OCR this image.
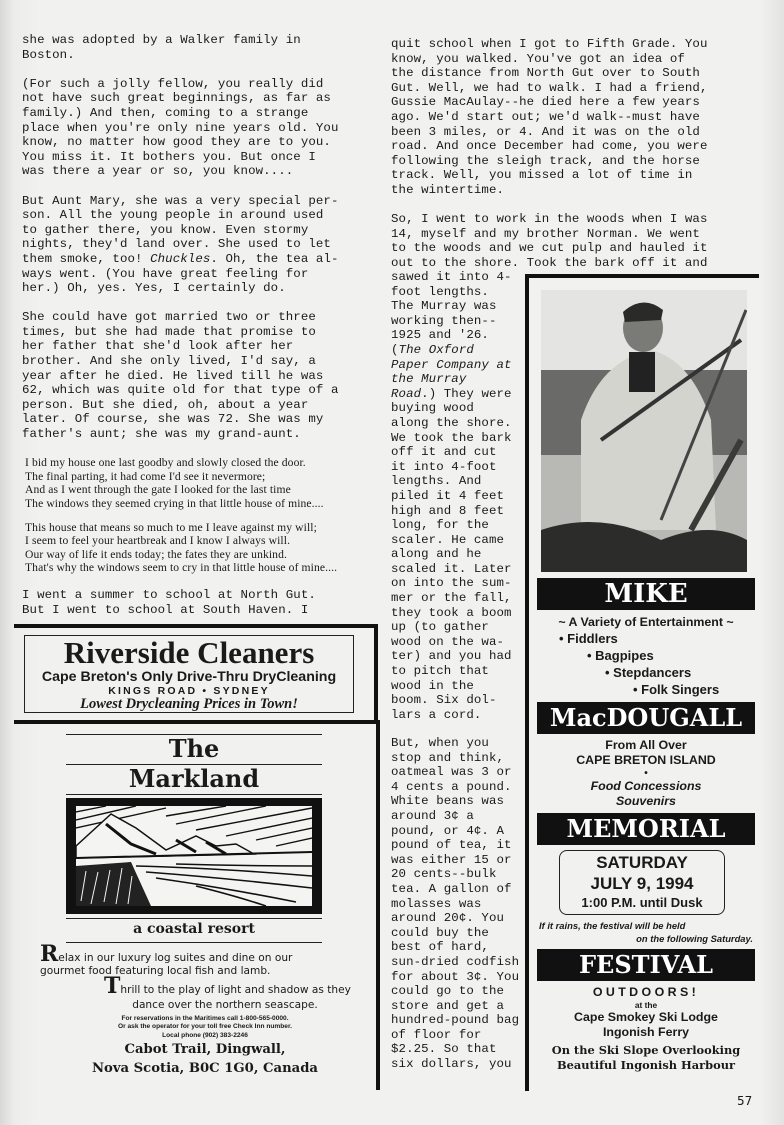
she was adopted by a Walker family in
Boston.

(For such a jolly fellow, you really did
not have such great beginnings, as far as
family.) And then, coming to a strange
place when you're only nine years old. You
know, no matter how good they are to you.
You miss it. It bothers you. But once I
was there a year or so, you know....

But Aunt Mary, she was a very special per-
son. All the young people in around used
to gather there, you know. Even stormy
nights, they'd land over. She used to let
them smoke, too! Chuckles. Oh, the tea al-
ways went. (You have great feeling for
her.) Oh, yes. Yes, I certainly do.

She could have got married two or three
times, but she had made that promise to
her father that she'd look after her
brother. And she only lived, I'd say, a
year after he died. He lived till he was
62, which was quite old for that type of a
person. But she died, oh, about a year
later. Of course, she was 72. She was my
father's aunt; she was my grand-aunt.

I bid my house one last goodby and slowly closed the door.
The final parting, it had come I'd see it nevermore;
And as I went through the gate I looked for the last time
The windows they seemed crying in that little house of mine....

This house that means so much to me I leave against my will;
I seem to feel your heartbreak and I know I always will.
Our way of life it ends today; the fates they are unkind.
That's why the windows seem to cry in that little house of mine....

I went a summer to school at North Gut.
But I went to school at South Haven. I

Riverside Cleaners
Cape Breton's Only Drive-Thru DryCleaning
KINGS ROAD • SYDNEY
Lowest Drycleaning Prices in Town!
The
Markland
a coastal resort
Relax in our luxury log suites and dine on our
gourmet food featuring local fish and lamb.
Thrill to the play of light and shadow as they
dance over the northern seascape.
For reservations in the Maritimes call 1-800-565-0000.
Or ask the operator for your toll free Check Inn number.
Local phone (902) 383-2246
Cabot Trail, Dingwall,
Nova Scotia, B0C 1G0, Canada

quit school when I got to Fifth Grade. You
know, you walked. You've got an idea of
the distance from North Gut over to South
Gut. Well, we had to walk. I had a friend,
Gussie MacAulay--he died here a few years
ago. We'd start out; we'd walk--must have
been 3 miles, or 4. And it was on the old
road. And once December had come, you were
following the sleigh track, and the horse
track. Well, you missed a lot of time in
the wintertime.

So, I went to work in the woods when I was
14, myself and my brother Norman. We went
to the woods and we cut pulp and hauled it
out to the shore. Took the bark off it and

sawed it into 4-
foot lengths.
The Murray was
working then--
1925 and '26.
(The Oxford
Paper Company at
the Murray
Road.) They were
buying wood
along the shore.
We took the bark
off it and cut
it into 4-foot
lengths. And
piled it 4 feet
high and 8 feet
long, for the
scaler. He came
along and he
scaled it. Later
on into the sum-
mer or the fall,
they took a boom
up (to gather
wood on the wa-
ter) and you had
to pitch that
wood in the
boom. Six dol-
lars a cord.

But, when you
stop and think,
oatmeal was 3 or
4 cents a pound.
White beans was
around 3¢ a
pound, or 4¢. A
pound of tea, it
was either 15 or
20 cents--bulk
tea. A gallon of
molasses was
around 20¢. You
could buy the
best of hard,
sun-dried codfish
for about 3¢. You
could go to the
store and get a
hundred-pound bag
of floor for
$2.25. So that
six dollars, you

MIKE
~ A Variety of Entertainment ~
• Fiddlers
• Bagpipes
• Stepdancers
• Folk Singers
MacDOUGALL
From All Over
CAPE BRETON ISLAND
•
Food Concessions
Souvenirs
MEMORIAL
SATURDAY
JULY 9, 1994
1:00 P.M. until Dusk
If it rains, the festival will be held
on the following Saturday.
FESTIVAL
OUTDOORS!
at the
Cape Smokey Ski Lodge
Ingonish Ferry
On the Ski Slope Overlooking
Beautiful Ingonish Harbour
57
